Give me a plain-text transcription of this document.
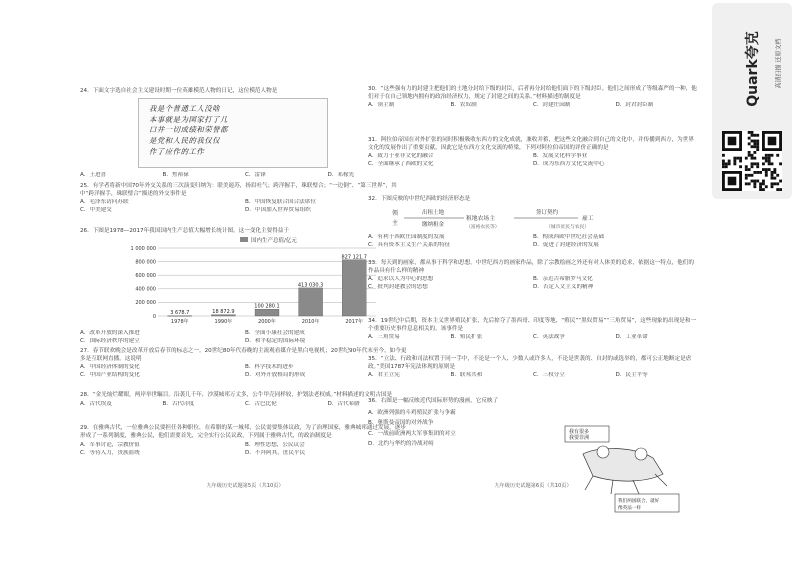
24．下面文字选自社会主义建设时期一位英雄模范人物的日记，这位模范人物是
我是个普通工人没啥
本事就是为国家打了几
口井一切成绩和荣誉都
是党和人民的我仅仅
作了应作的工作
A．王进喜	B．焦裕禄	C．雷锋	D．邓稼先
25．有学者将新中国70年外交关系的三次演变归纳为：联美遏苏，扬眉吐气；跨洋握手，珠联璧合；“一边倒”、“第三世界”，其中“跨洋握手，珠联璧合”描述的外交事件是
A．毛泽东访问苏联	B．中国恢复联合国合法席位
C．中美建交	D．中国加入世界贸易组织
26．下图是1978—2017年我国国内生产总值大幅增长统计图。这一变化主要得益于
国内生产总值/亿元
0
200 000
400 000
600 000
800 000
1 000 000
3 678.7
1978年
18 872.9
1990年
100 280.1
2000年
413 030.3
2010年
827 121.7
2017年
A．改革开放的深入推进	B．全面小康社会的建成
C．国际经济秩序的建立	D．和平稳定的国际环境
27．春节联欢晚会是改革开放后春节的标志之一。20世纪80年代春晚的主流观看媒介是黑白电视机；20世纪90年代末至今，如今更多是互联网直播。这说明
A．中国经济体制的变化	B．科学技术的进步
C．中国产业结构的变化	D．对外开放格局的形成
28．“金光灿烂耀眼，两岸举世瞩目。沿袭几千年，沙漠城邦万丈多，公牛甲壳同样较，护划法老权威。”材料描述的文明古国是
A．古代埃及	B．古代印度	C．古巴比伦	D．古代希腊
29．在雅典古代，一位雅典公民要担任各种职位，在希腊的某一城邦，公民需要集体议政，为了治理国家，雅典城邦通过发展，逐步形成了一系列制度，雅典公民，他们需要首先，完全实行公民议政，下列属于雅典古代，的政治制度是
A．军事讨论，宗教价值	B．理性思想，公民议会
C．等待入力，贵族血统	D．不拜阿其，庶民平民
九年级历史试题第5页（共10页）
30．“这些强有力的封建主把他们的土地分封给下级的封臣，后者再分封给他们面下的下级封臣。他们之间形成了等级森严的一种，他们对于在自己领地内拥有的政治经济权力，规定了封建之间的关系。”材料描述的制度是
A．领主制	B．农奴制	C．封建庄园制	D．封君封臣制
31．阿拉伯帝国在对外扩张的同时积极吸收东西方的文化成就，兼收并蓄，把这些文化融合到自己的文化中，并传播到西方，为世界文化的发展作出了重要贡献，因此它是东西方文化交流的桥梁，下列对阿拉伯帝国的评价正确的是
A．致力于亚非文化的融合	B．发展文化科学事业
C．全面继承了西欧的文化	D．成为东西方文化交流中心
32．下图反映的中世纪西欧的经济形态是
领
主
出租土地
缴纳租金
租地农场主
（富裕农民等）
签订契约
雇工
（城市贫民与农民）
A．有利于西欧庄园制度的发展	B．构成西欧中世纪社会基础
C．具有资本主义生产关系的特征	D．促进了封建经济的发展
33．每天到的画家，都从事于科学和思想。中世纪西方的画家作品，除了宗教绘画之外还有对人体美的追求，依据这一特点，他们的作品具有什么样的精神
A．追求以人为中心的思想	B．亲近古希腊罗马文化
C．批判封建教会的思想	D．否定人文主义的精神
34．19世纪中后期，资本主义世界殖民扩张，先后掠夺了墨西哥、印度等地，“殖民”“黑奴贸易”“三角贸易”，这些现象的出现是和一个重要历史事件息息相关的，该事件是
A．三角贸易	B．殖民扩张	C．英法战争	D．工业革命
35．“立法、行政和司法权置于同一手中，不论是一个人、少数人或许多人，不论是世袭的、自封的或选举的，都可公正地断定是虐政。”美国1787年宪法体现的原则是
A．君主立宪	B．联邦共和	C．三权分立	D．民主平等
36．右图是一幅反映近代国际形势的漫画，它反映了
A．欧洲列强的斗鸡殖民扩张与争霸
B．奥斯曼帝国的对外战争
C．一战前欧洲两大军事集团的对立
D．北约与华约的冷战对峙
我有很多
我要非洲
我们两国联合，就好
像英法一样
九年级历史试题第6页（共10页）
Quark夸克	高清扫描 还原文档
